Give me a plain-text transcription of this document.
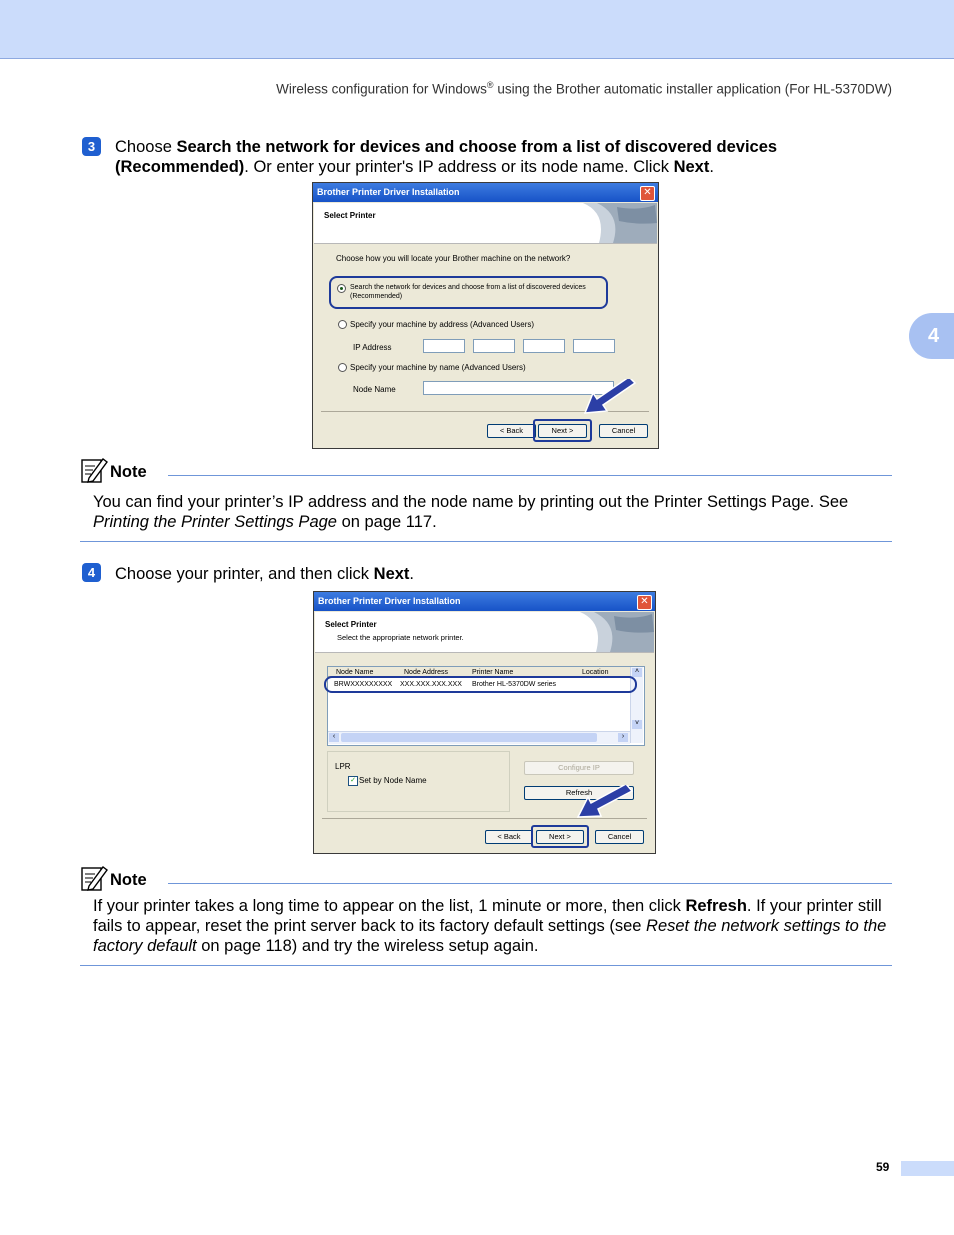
Wireless configuration for Windows® using the Brother automatic installer application (For HL-5370DW)
4
3	Choose Search the network for devices and choose from a list of discovered devices (Recommended). Or enter your printer's IP address or its node name. Click Next.
Brother Printer Driver Installation	✕
Select Printer
Choose how you will locate your Brother machine on the network?
Search the network for devices and choose from a list of discovered devices
(Recommended)
Specify your machine by address (Advanced Users)
IP Address
Specify your machine by name (Advanced Users)
Node Name
< Back	Next >	Cancel
Note
You can find your printer’s IP address and the node name by printing out the Printer Settings Page. See Printing the Printer Settings Page on page 117.
4	Choose your printer, and then click Next.
Brother Printer Driver Installation	✕
Select Printer
Select the appropriate network printer.
Node Name	Node Address	Printer Name	Location
BRWXXXXXXXXX XXX.XXX.XXX.XXX Brother HL-5370DW series
˄
˅
‹	›
LPR
✓ Set by Node Name
Configure IP
Refresh
< Back	Next >	Cancel
Note
If your printer takes a long time to appear on the list, 1 minute or more, then click Refresh. If your printer still fails to appear, reset the print server back to its factory default settings (see Reset the network settings to the factory default on page 118) and try the wireless setup again.
59
